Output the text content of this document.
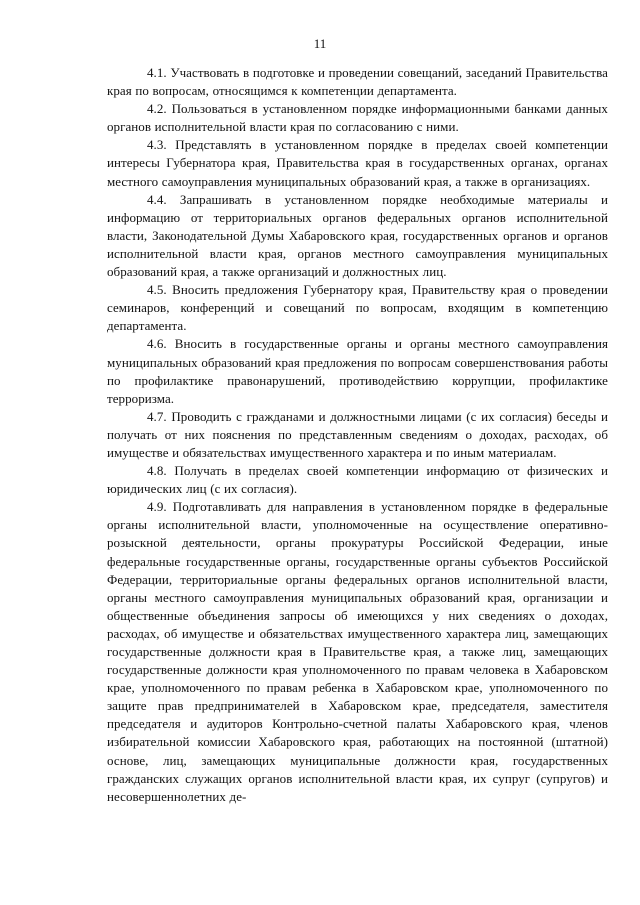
11

4.1. Участвовать в подготовке и проведении совещаний, заседаний Правительства края по вопросам, относящимся к компетенции департамента.

4.2. Пользоваться в установленном порядке информационными банками данных органов исполнительной власти края по согласованию с ними.

4.3. Представлять в установленном порядке в пределах своей компетенции интересы Губернатора края, Правительства края в государственных органах, органах местного самоуправления муниципальных образований края, а также в организациях.

4.4. Запрашивать в установленном порядке необходимые материалы и информацию от территориальных органов федеральных органов исполнительной власти, Законодательной Думы Хабаровского края, государственных органов и органов исполнительной власти края, органов местного самоуправления муниципальных образований края, а также организаций и должностных лиц.

4.5. Вносить предложения Губернатору края, Правительству края о проведении семинаров, конференций и совещаний по вопросам, входящим в компетенцию департамента.

4.6. Вносить в государственные органы и органы местного самоуправления муниципальных образований края предложения по вопросам совершенствования работы по профилактике правонарушений, противодействию коррупции, профилактике терроризма.

4.7. Проводить с гражданами и должностными лицами (с их согласия) беседы и получать от них пояснения по представленным сведениям о доходах, расходах, об имуществе и обязательствах имущественного характера и по иным материалам.

4.8. Получать в пределах своей компетенции информацию от физических и юридических лиц (с их согласия).

4.9. Подготавливать для направления в установленном порядке в федеральные органы исполнительной власти, уполномоченные на осуществление оперативно-розыскной деятельности, органы прокуратуры Российской Федерации, иные федеральные государственные органы, государственные органы субъектов Российской Федерации, территориальные органы федеральных органов исполнительной власти, органы местного самоуправления муниципальных образований края, организации и общественные объединения запросы об имеющихся у них сведениях о доходах, расходах, об имуществе и обязательствах имущественного характера лиц, замещающих государственные должности края в Правительстве края, а также лиц, замещающих государственные должности края уполномоченного по правам человека в Хабаровском крае, уполномоченного по правам ребенка в Хабаровском крае, уполномоченного по защите прав предпринимателей в Хабаровском крае, председателя, заместителя председателя и аудиторов Контрольно-счетной палаты Хабаровского края, членов избирательной комиссии Хабаровского края, работающих на постоянной (штатной) основе, лиц, замещающих муниципальные должности края, государственных гражданских служащих органов исполнительной власти края, их супруг (супругов) и несовершеннолетних де-
